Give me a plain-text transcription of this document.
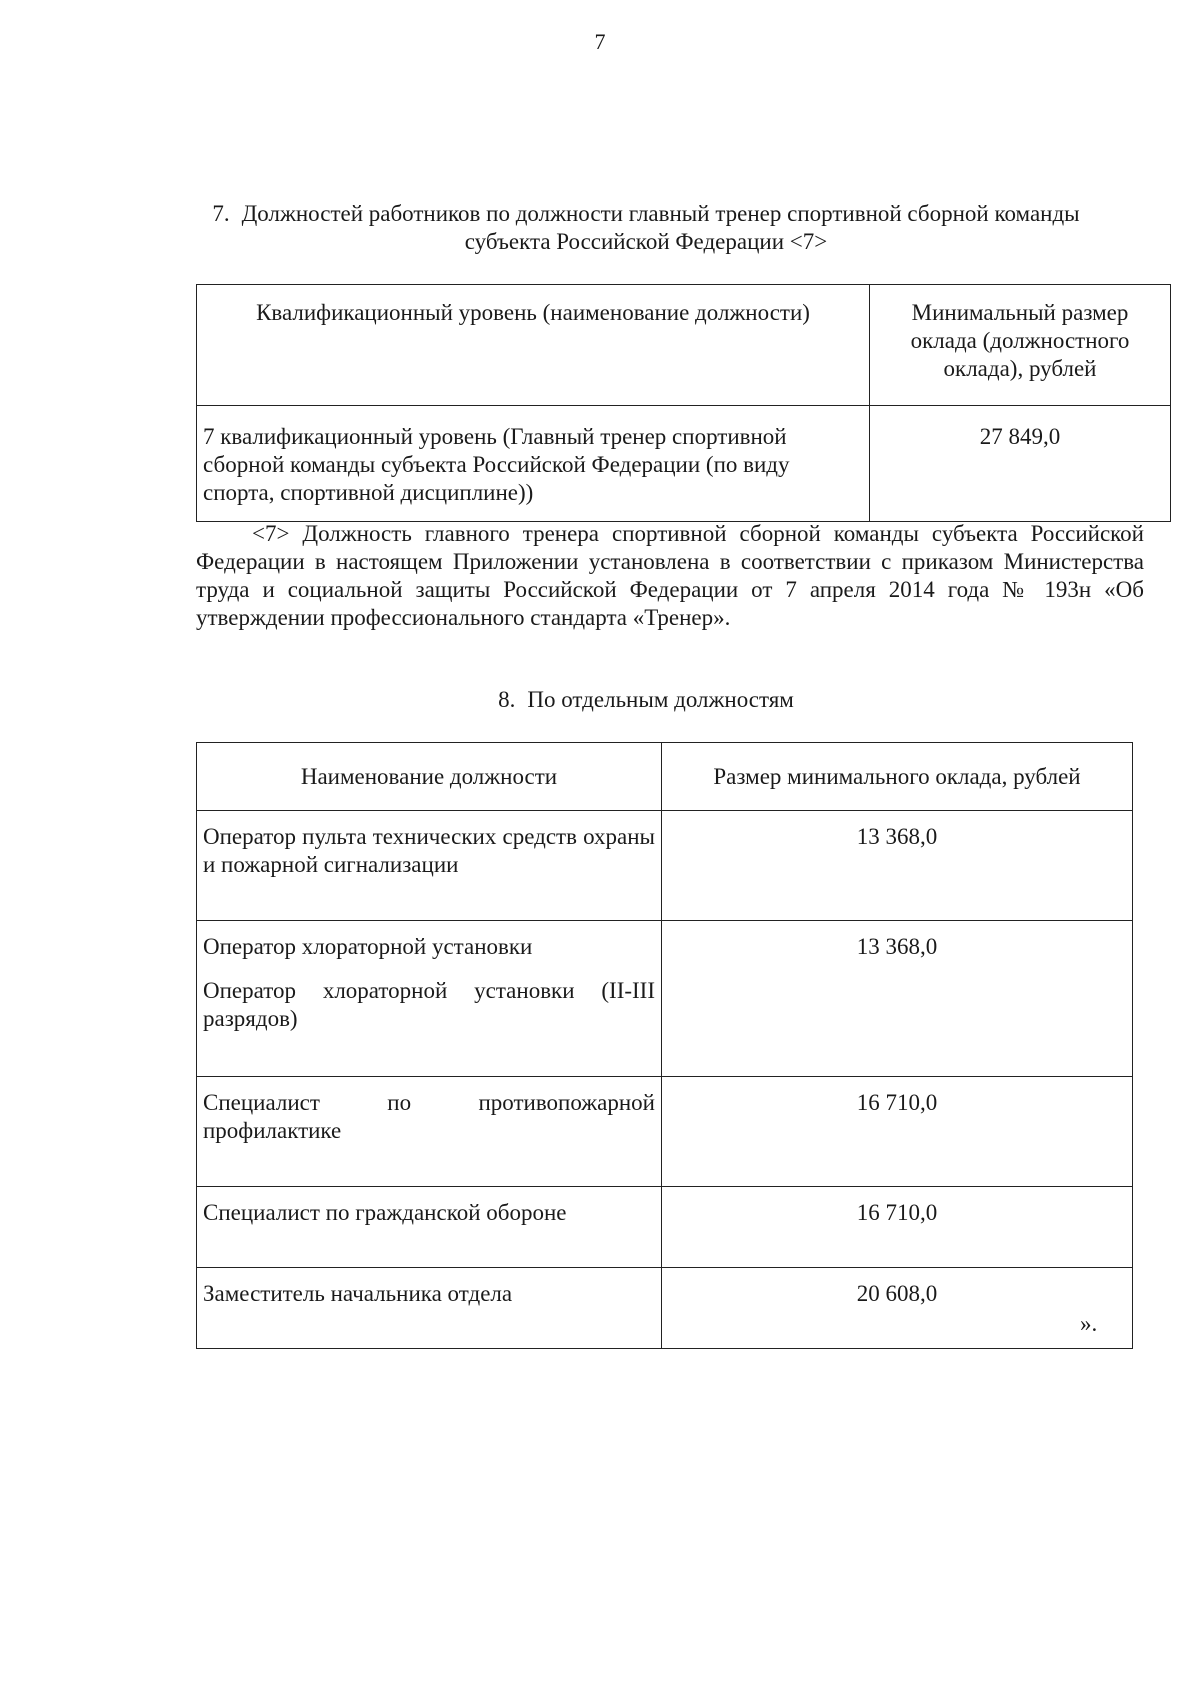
7
7. Должностей работников по должности главный тренер спортивной сборной команды субъекта Российской Федерации <7>
Квалификационный уровень (наименование должности)	Минимальный размер оклада (должностного оклада), рублей
7 квалификационный уровень (Главный тренер спортивной сборной команды субъекта Российской Федерации (по виду спорта, спортивной дисциплине))	27 849,0
<7> Должность главного тренера спортивной сборной команды субъекта Российской Федерации в настоящем Приложении установлена в соответствии с приказом Министерства труда и социальной защиты Российской Федерации от 7 апреля 2014 года № 193н «Об утверждении профессионального стандарта «Тренер».
8. По отдельным должностям
Наименование должности	Размер минимального оклада, рублей
Оператор пульта технических средств охраны и пожарной сигнализации	13 368,0

Оператор хлораторной установки
Оператор хлораторной установки (II-III разрядов)	13 368,0
Специалист по противопожарной профилактике	16 710,0
Специалист по гражданской обороне	16 710,0
Заместитель начальника отдела	20 608,0
».
